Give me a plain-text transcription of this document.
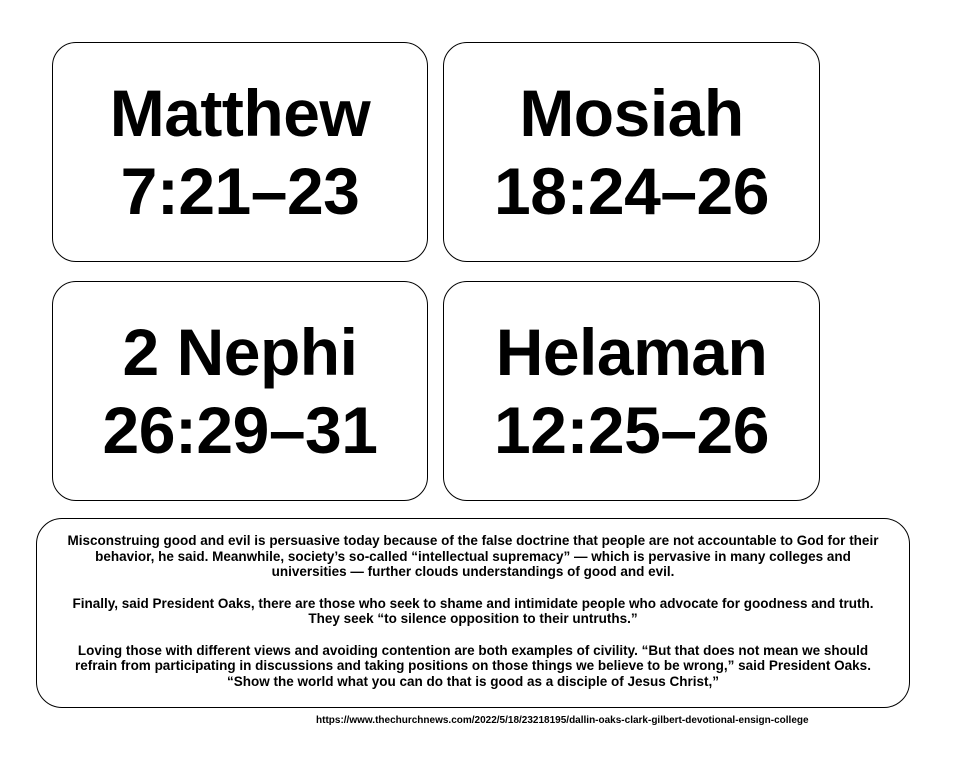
Matthew
7:21–23
Mosiah
18:24–26
2 Nephi
26:29–31
Helaman
12:25–26

Misconstruing good and evil is persuasive today because of the false doctrine that people are not accountable to God for their behavior, he said. Meanwhile, society’s so-called “intellectual supremacy” — which is pervasive in many colleges and universities — further clouds understandings of good and evil.

Finally, said President Oaks, there are those who seek to shame and intimidate people who advocate for goodness and truth. They seek “to silence opposition to their untruths.”

Loving those with different views and avoiding contention are both examples of civility. “But that does not mean we should refrain from participating in discussions and taking positions on those things we believe to be wrong,” said President Oaks. “Show the world what you can do that is good as a disciple of Jesus Christ,”

https://www.thechurchnews.com/2022/5/18/23218195/dallin-oaks-clark-gilbert-devotional-ensign-college
